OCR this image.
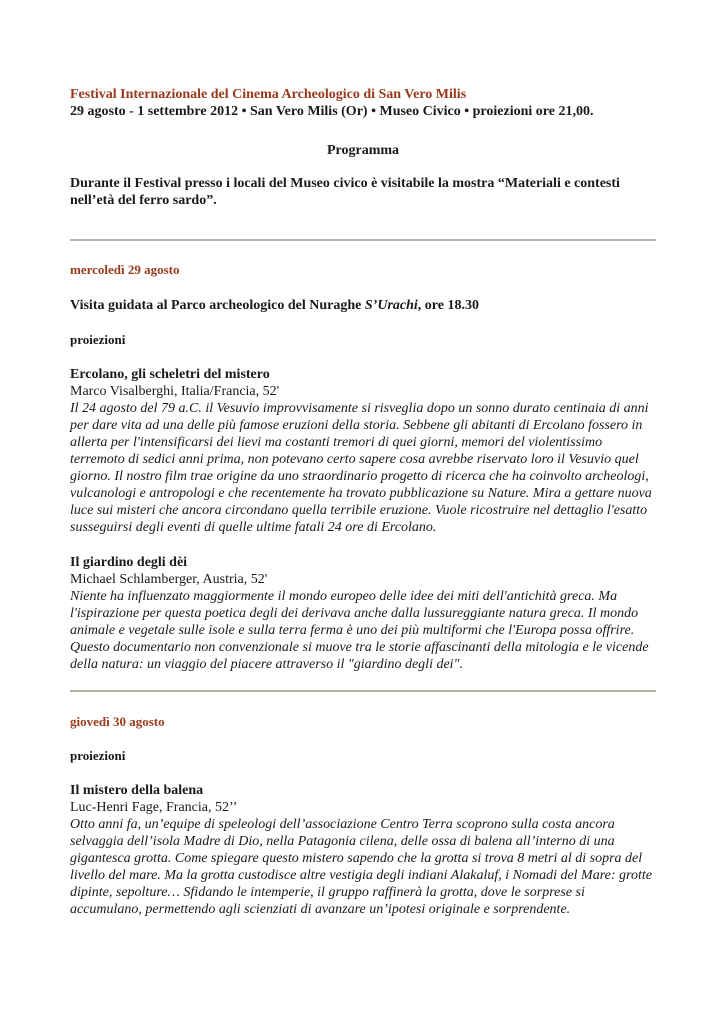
Festival Internazionale del Cinema Archeologico di San Vero Milis

29 agosto - 1 settembre 2012 • San Vero Milis (Or) • Museo Civico • proiezioni ore 21,00.

Programma
Durante il Festival presso i locali del Museo civico è visitabile la mostra “Materiali e contesti nell’età del ferro sardo”.
mercoledì 29 agosto
Visita guidata al Parco archeologico del Nuraghe S’Urachi, ore 18.30
proiezioni
Ercolano, gli scheletri del mistero
Marco Visalberghi, Italia/Francia, 52'
Il 24 agosto del 79 a.C. il Vesuvio improvvisamente si risveglia dopo un sonno durato centinaia di anni per dare vita ad una delle più famose eruzioni della storia. Sebbene gli abitanti di Ercolano fossero in allerta per l'intensificarsi dei lievi ma costanti tremori di quei giorni, memori del violentissimo terremoto di sedici anni prima, non potevano certo sapere cosa avrebbe riservato loro il Vesuvio quel giorno. Il nostro film trae origine da uno straordinario progetto di ricerca che ha coinvolto archeologi, vulcanologi e antropologi e che recentemente ha trovato pubblicazione su Nature. Mira a gettare nuova luce sui misteri che ancora circondano quella terribile eruzione. Vuole ricostruire nel dettaglio l'esatto susseguirsi degli eventi di quelle ultime fatali 24 ore di Ercolano.
Il giardino degli dèi
Michael Schlamberger, Austria, 52'
Niente ha influenzato maggiormente il mondo europeo delle idee dei miti dell'antichità greca. Ma l'ispirazione per questa poetica degli dei derivava anche dalla lussureggiante natura greca. Il mondo animale e vegetale sulle isole e sulla terra ferma è uno dei più multiformi che l'Europa possa offrire. Questo documentario non convenzionale si muove tra le storie affascinanti della mitologia e le vicende della natura: un viaggio del piacere attraverso il "giardino degli dei".
giovedì 30 agosto
proiezioni
Il mistero della balena
Luc-Henri Fage, Francia, 52’’
Otto anni fa, un’equipe di speleologi dell’associazione Centro Terra scoprono sulla costa ancora selvaggia dell’isola Madre di Dio, nella Patagonia cilena, delle ossa di balena all’interno di una gigantesca grotta. Come spiegare questo mistero sapendo che la grotta si trova 8 metri al di sopra del livello del mare. Ma la grotta custodisce altre vestigia degli indiani Alakaluf, i Nomadi del Mare: grotte dipinte, sepolture… Sfidando le intemperie, il gruppo raffinerà la grotta, dove le sorprese si accumulano, permettendo agli scienziati di avanzare un’ipotesi originale e sorprendente.
